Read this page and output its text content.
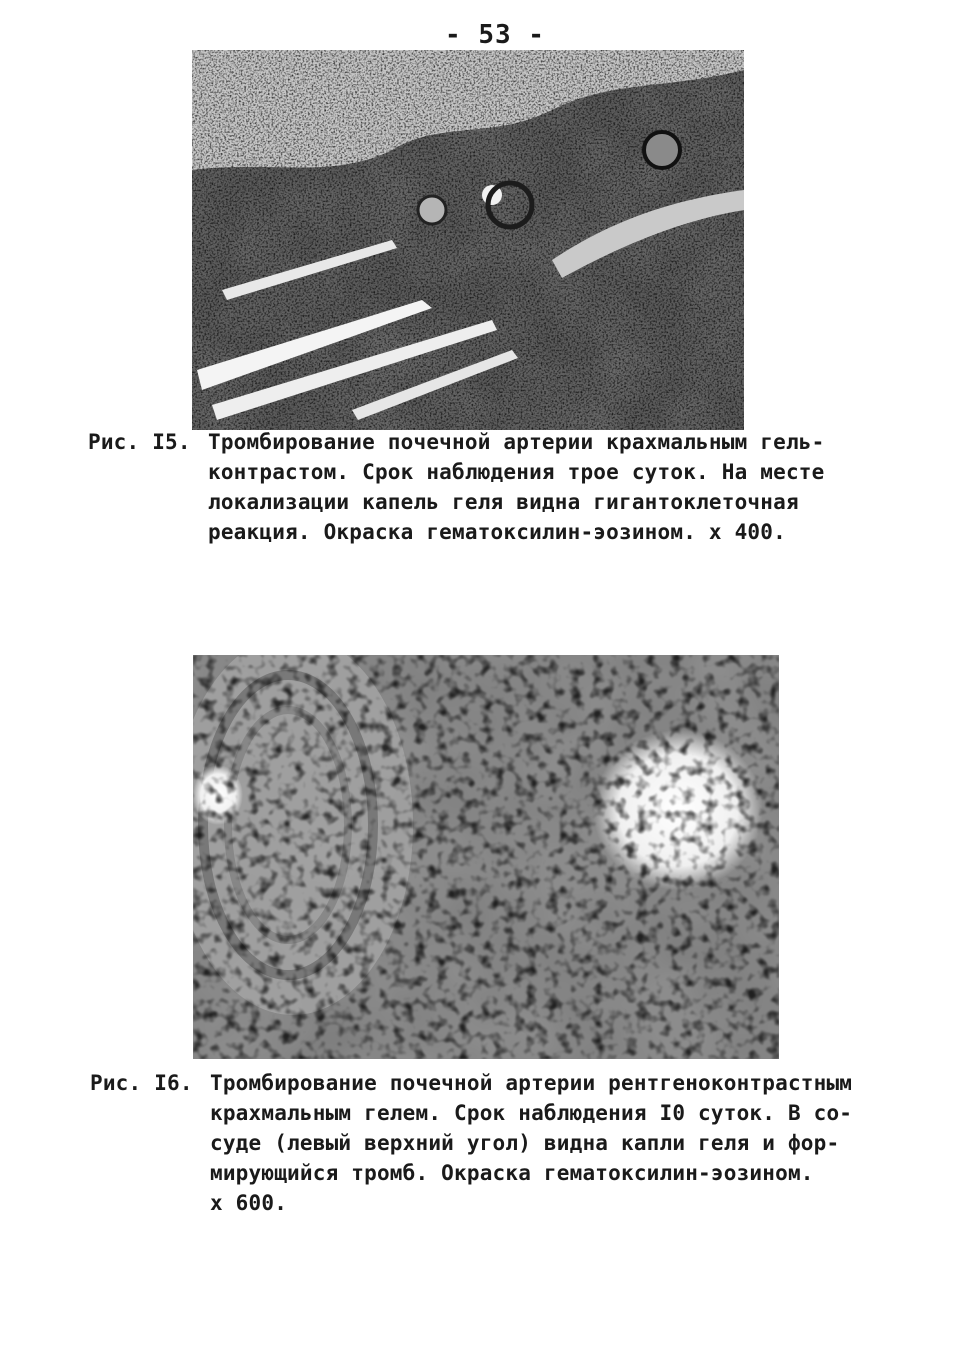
- 53 -
Рис. I5. Тромбирование почечной артерии крахмальным гель-
контрастом. Срок наблюдения трое суток. На месте
локализации капель геля видна гигантоклеточная
реакция. Окраска гематоксилин-эозином. х 400.
Рис. I6. Тромбирование почечной артерии рентгеноконтрастным
крахмальным гелем. Срок наблюдения I0 суток. В со-
суде (левый верхний угол) видна капли геля и фор-
мирующийся тромб. Окраска гематоксилин-эозином.
х 600.
